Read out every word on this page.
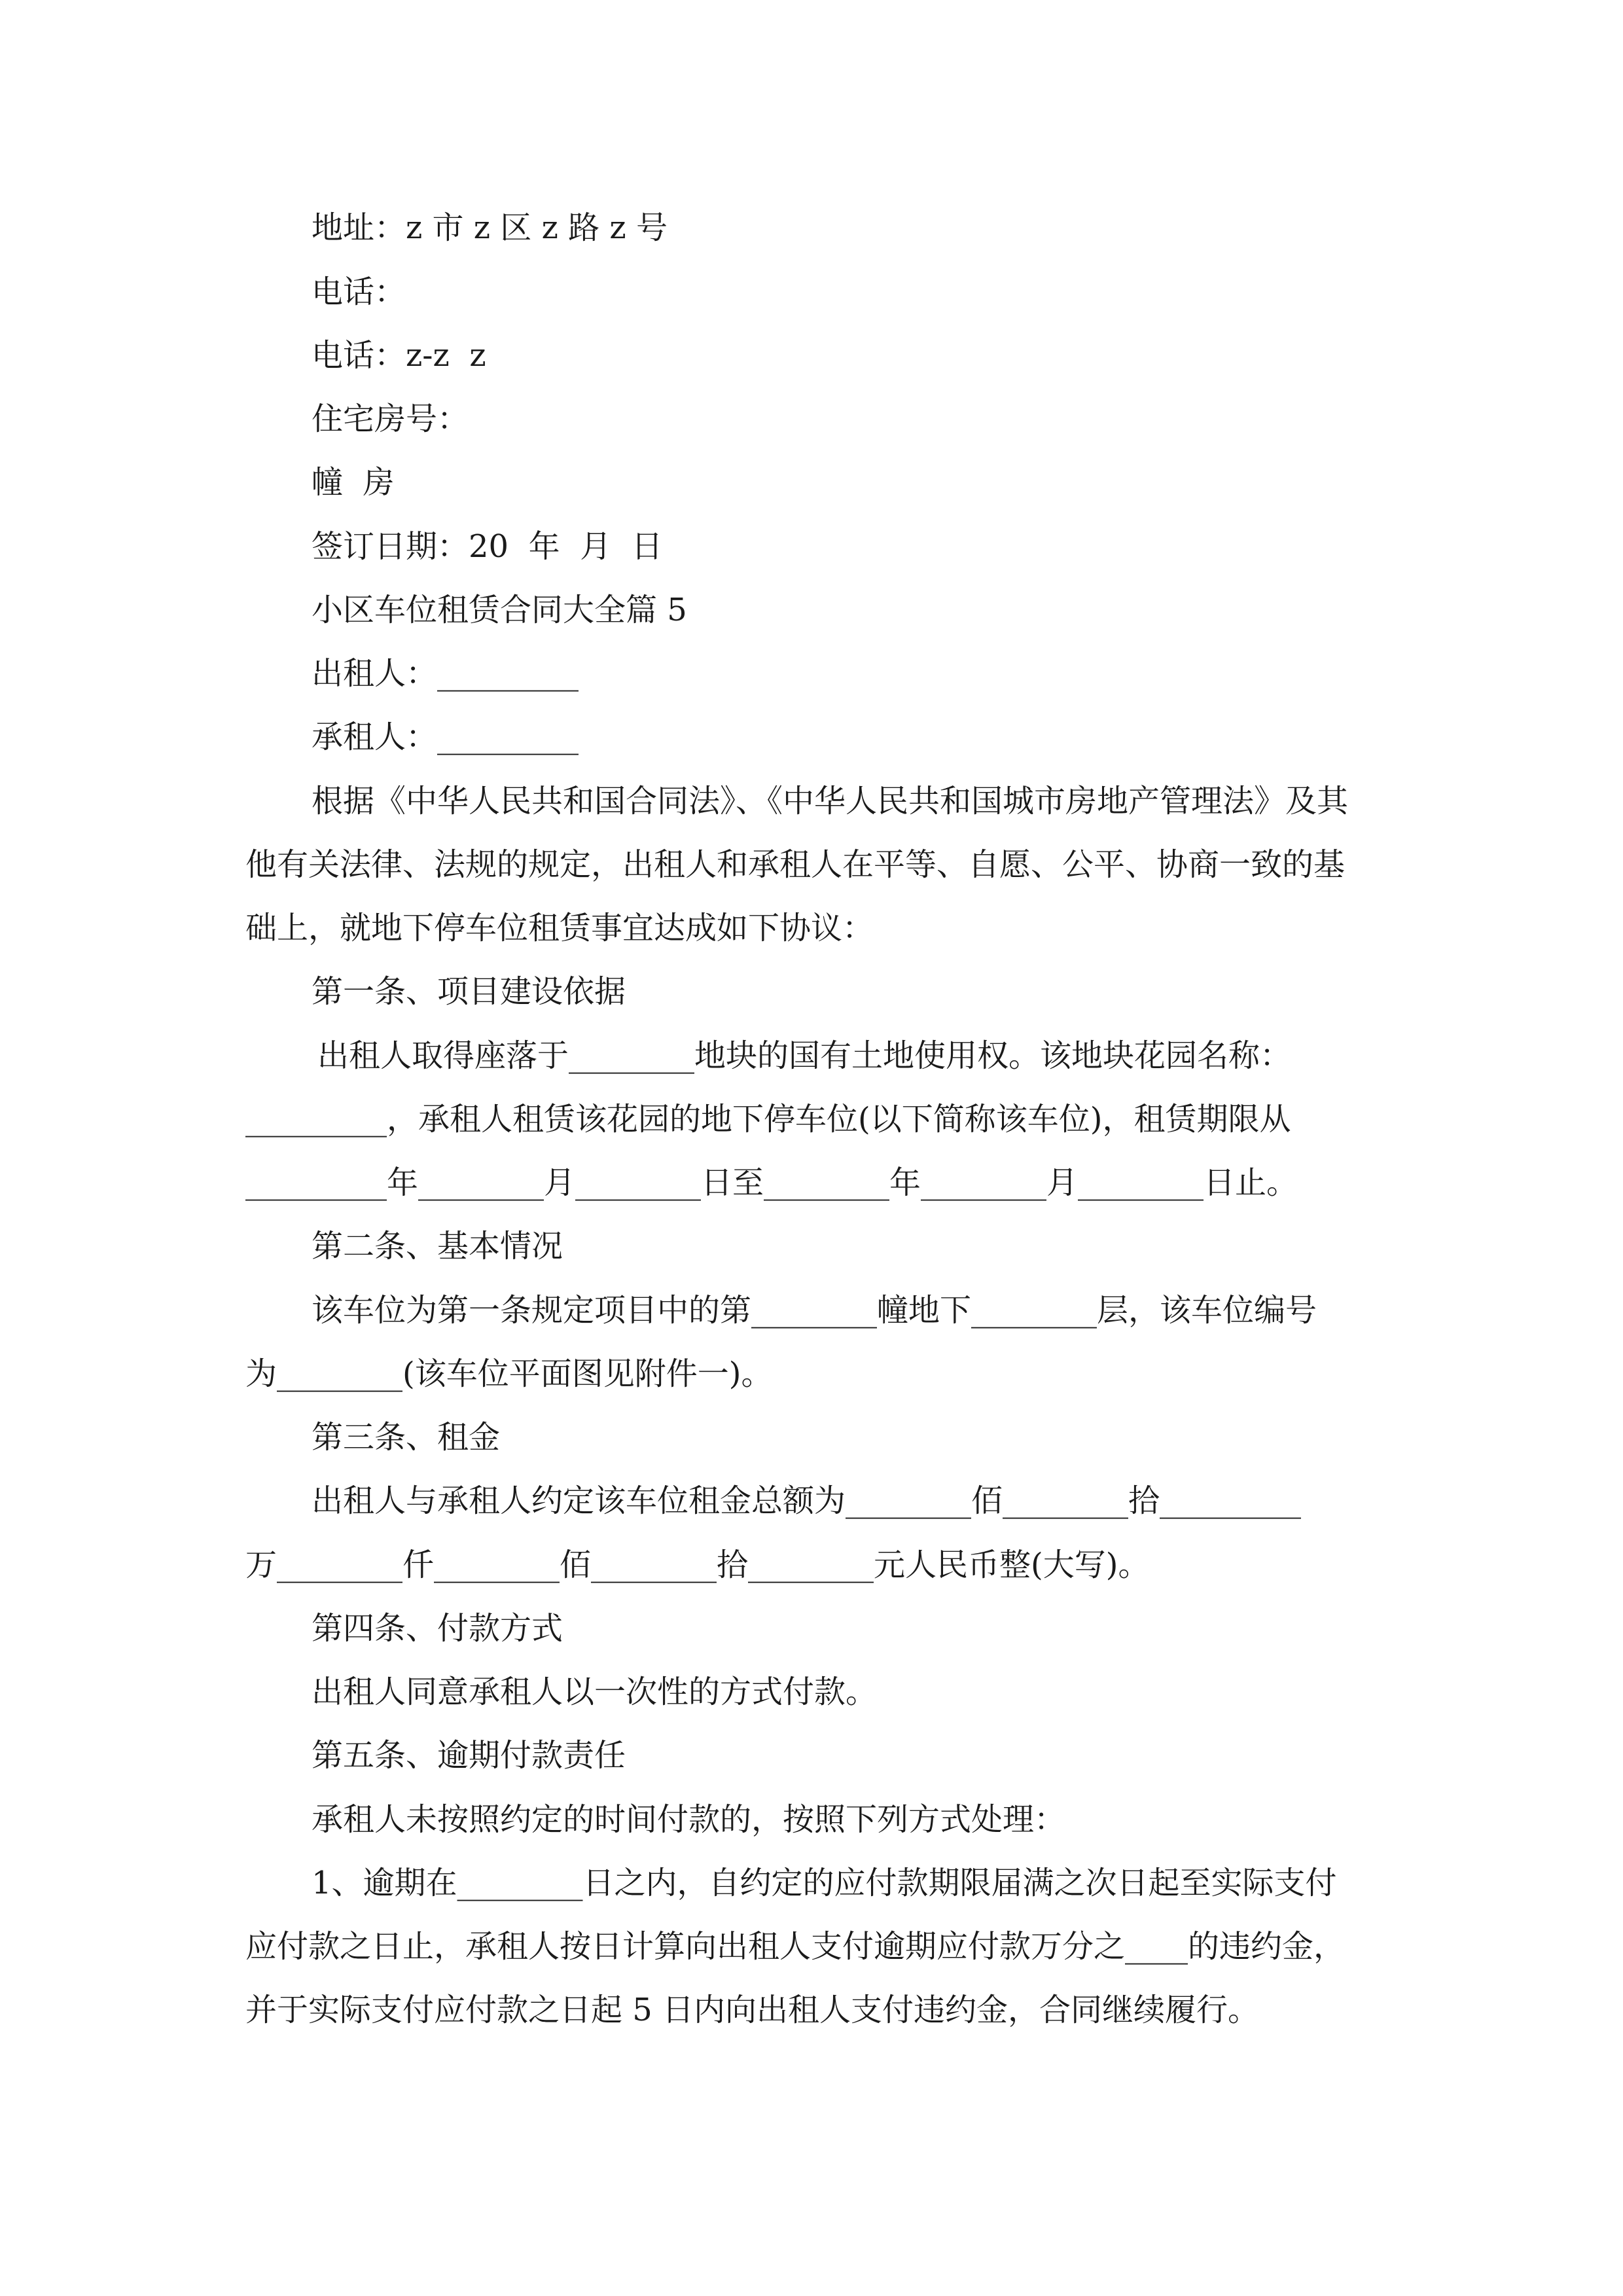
地址：z 市 z 区 z 路 z 号
电话：
电话：z-z  z
住宅房号：
幢  房
签订日期：20  年  月  日
小区车位租赁合同大全篇 5
出租人：_________
承租人：_________
根据《中华人民共和国合同法》、《中华人民共和国城市房地产管理法》及其
他有关法律、法规的规定，出租人和承租人在平等、自愿、公平、协商一致的基
础上，就地下停车位租赁事宜达成如下协议：
第一条、项目建设依据
出租人取得座落于________地块的国有土地使用权。该地块花园名称：
_________，承租人租赁该花园的地下停车位(以下简称该车位)，租赁期限从
_________年________月________日至________年________月________日止。
第二条、基本情况
该车位为第一条规定项目中的第________幢地下________层，该车位编号
为________(该车位平面图见附件一)。
第三条、租金
出租人与承租人约定该车位租金总额为________佰________拾_________
万________仟________佰________拾________元人民币整(大写)。
第四条、付款方式
出租人同意承租人以一次性的方式付款。
第五条、逾期付款责任
承租人未按照约定的时间付款的，按照下列方式处理：
1、逾期在________日之内，自约定的应付款期限届满之次日起至实际支付
应付款之日止，承租人按日计算向出租人支付逾期应付款万分之____的违约金，
并于实际支付应付款之日起 5 日内向出租人支付违约金，合同继续履行。
